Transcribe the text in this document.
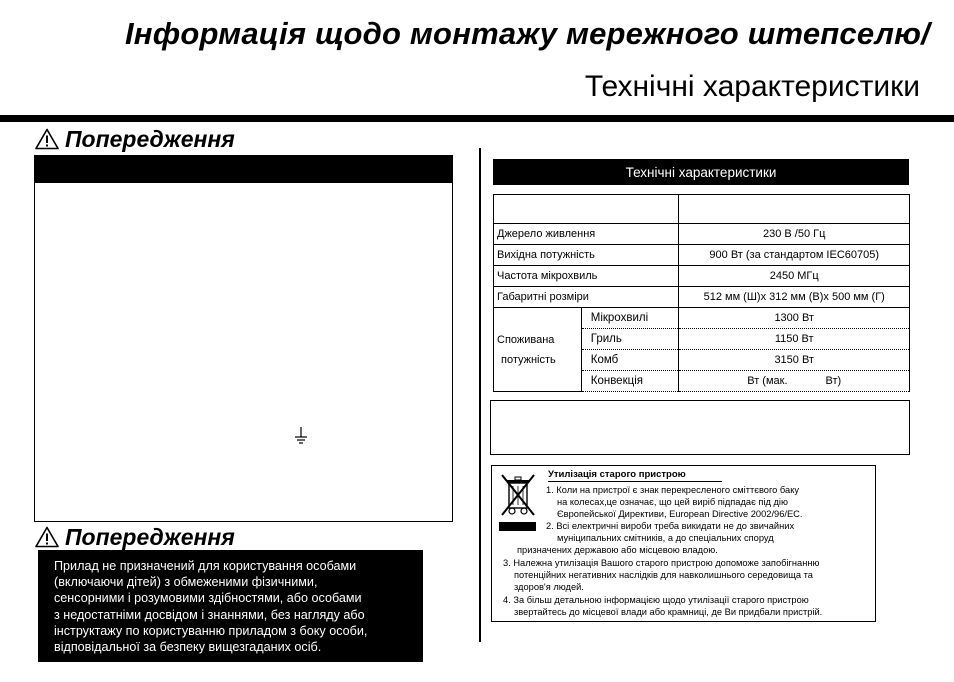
Інформація щодо монтажу мережного штепселю/
Технічні характеристики
Попередження
Попередження
Прилад не призначений для користування особами
(включаючи дітей) з обмеженими фізичними,
сенсорними і розумовими здібностями, або особами
з недостатніми досвідом і знаннями, без нагляду або
інструктажу по користуванню приладом з боку особи,
відповідальної за безпеку вищезгаданих осіб.
Технічні характеристики

Джерело живлення		230 В /50 Гц
Вихідна потужність		900 Вт (за стандартом IEC60705)
Частота мікрохвиль		2450 МГц
Габаритні розміри		512 мм (Ш)х 312 мм (В)х 500 мм (Г)

Споживана
потужність	Мікрохвилі	1300 Вт
	Гриль	1150 Вт
	Комб	3150 Вт
	Конвекція	Вт (мак. Вт)
Утилізація старого пристрою
1. Коли на пристрої є знак перекресленого сміттєвого баку
на колесах,це означає, що цей виріб підпадає під дію
Європейської Директиви, European Directive 2002/96/EC.
2. Всі електричні вироби треба викидати не до звичайних
муніципальних смітників, а до спеціальних споруд
призначених державою або місцевою владою.
3. Належна утилізація Вашого старого пристрою допоможе запобігнанню
потенційних негативних наслідків для навколишнього середовища та
здоров'я людей.
4. За більш детальною інформацією щодо утилізації старого пристрою
звертайтесь до місцевої влади або крамниці, де Ви придбали пристрій.
